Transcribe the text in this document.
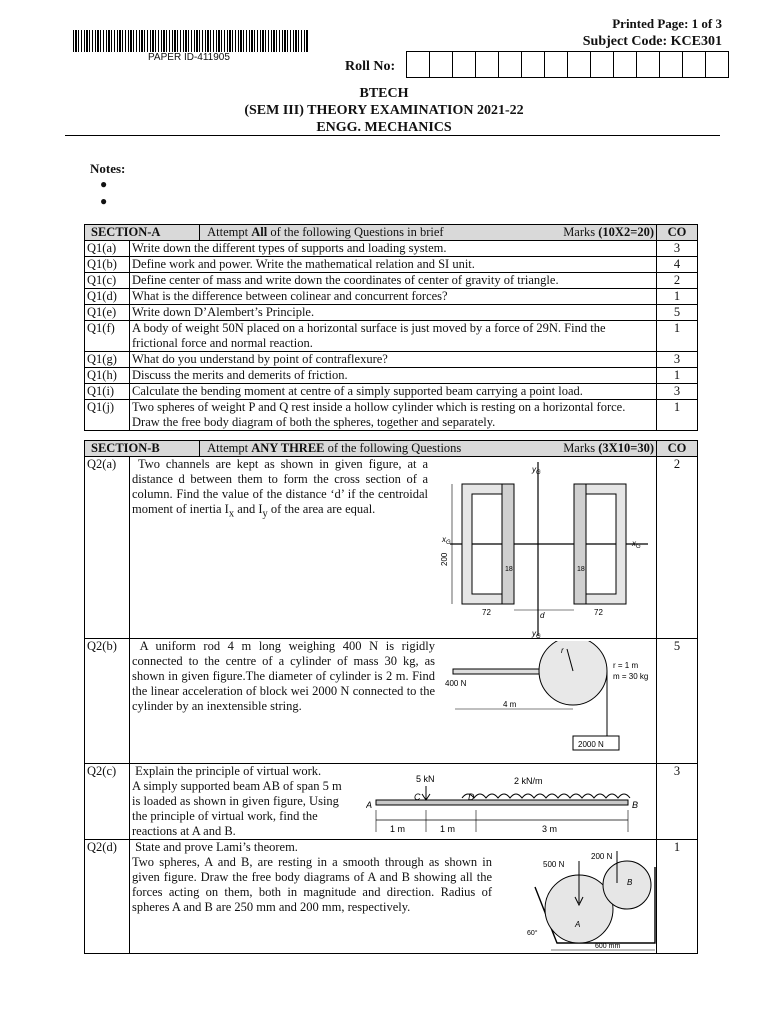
PAPER ID-411905
Printed Page: 1 of 3
Subject Code: KCE301
Roll No:
BTECH
(SEM III) THEORY EXAMINATION 2021-22
ENGG. MECHANICS
Notes:
●
●
SECTION-A Attempt All of the following Questions in brief Marks (10X2=20)		CO
Q1(a)	Write down the different types of supports and loading system.	3
Q1(b)	Define work and power. Write the mathematical relation and SI unit.	4
Q1(c)	Define center of mass and write down the coordinates of center of gravity of triangle.	2
Q1(d)	What is the difference between colinear and concurrent forces?	1
Q1(e)	Write down D’Alembert’s Principle.	5
Q1(f)	A body of weight 50N placed on a horizontal surface is just moved by a force of 29N. Find the frictional force and normal reaction.	1
Q1(g)	What do you understand by point of contraflexure?	3
Q1(h)	Discuss the merits and demerits of friction.	1
Q1(i)	Calculate the bending moment at centre of a simply supported beam carrying a point load.	3
Q1(j)	Two spheres of weight P and Q rest inside a hollow cylinder which is resting on a horizontal force. Draw the free body diagram of both the spheres, together and separately.	1
SECTION-B Attempt ANY THREE of the following Questions Marks (3X10=30)		CO
Q2(a)	Two channels are kept as shown in given figure, at a distance d between them to form the cross section of a column. Find the value of the distance ‘d’ if the centroidal moment of inertia $I_x$ and $I_y$ of the area are equal.	2
Q2(b)	A uniform rod 4 m long weighing 400 N is rigidly connected to the centre of a cylinder of mass 30 kg, as shown in given figure.The diameter of cylinder is 2 m. Find the linear acceleration of block wei 2000 N connected to the cylinder by an inextensible string.	5
Q2(c)	Explain the principle of virtual work.
A simply supported beam AB of span 5 m is loaded as shown in given figure, Using the principle of virtual work, find the reactions at A and B.	3
Q2(d)	State and prove Lami’s theorem.
Two spheres, A and B, are resting in a smooth through as shown in given figure. Draw the free body diagrams of A and B showing all the forces acting on them, both in magnitude and direction. Radius of spheres A and B are 250 mm and 200 mm, respectively.	1
$y_G$
$y_G$
$x_G$	$x_G$
200
18	18
72	72
d
400 N
r
r = 1 m
m = 30 kg
4 m
2000 N
5 kN	2 kN/m
A	B
C	D
1 m	1 m	3 m
500 N
200 N
A
B
60°
600 mm
